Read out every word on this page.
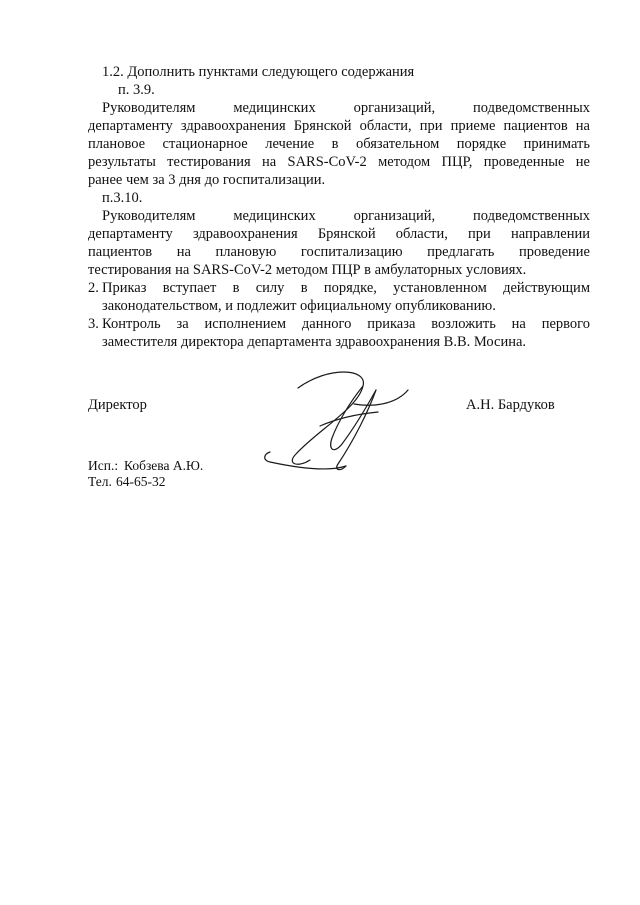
1.2. Дополнить пунктами следующего содержания
п. 3.9.
Руководителям медицинских организаций, подведомственных
департаменту здравоохранения Брянской области, при приеме пациентов на
плановое стационарное лечение в обязательном порядке принимать
результаты тестирования на SARS-CoV-2 методом ПЦР, проведенные не
ранее чем за 3 дня до госпитализации.
п.3.10.
Руководителям медицинских организаций, подведомственных
департаменту здравоохранения Брянской области, при направлении
пациентов на плановую госпитализацию предлагать проведение
тестирования на SARS-CoV-2 методом ПЦР в амбулаторных условиях.
2. Приказ вступает в силу в порядке, установленном действующим
законодательством, и подлежит официальному опубликованию.
3. Контроль за исполнением данного приказа возложить на первого
заместителя директора департамента здравоохранения В.В. Мосина.
Директор	А.Н. Бардуков
Исп.: Кобзева А.Ю.
Тел. 64-65-32
